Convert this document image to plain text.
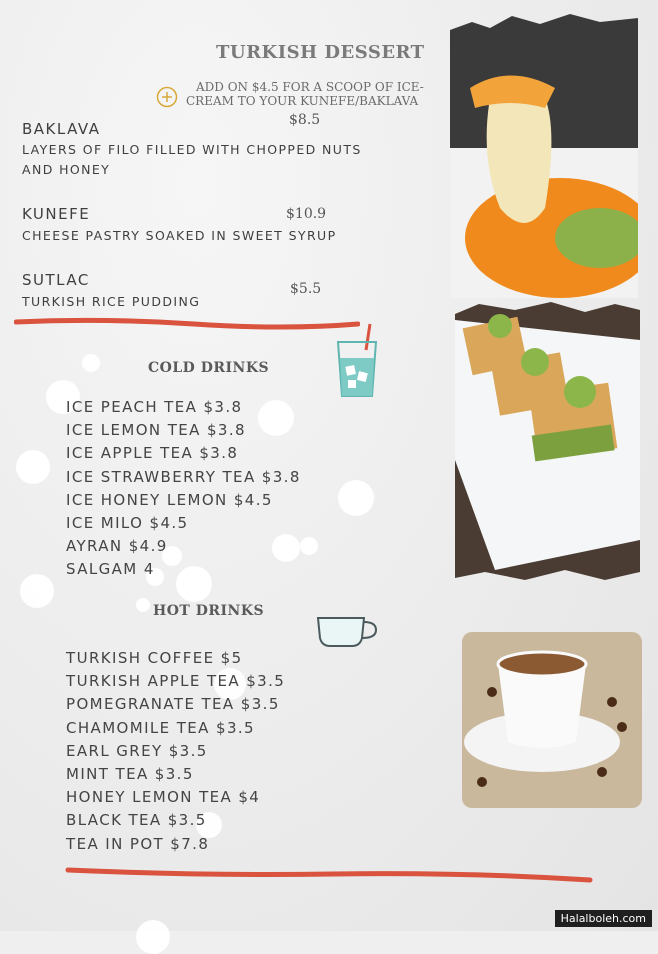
TURKISH DESSERT
ADD ON $4.5 FOR A SCOOP OF ICE-
CREAM TO YOUR KUNEFE/BAKLAVA
BAKLAVA	$8.5
LAYERS OF FILO FILLED WITH CHOPPED NUTS
AND HONEY
KUNEFE	$10.9
CHEESE PASTRY SOAKED IN SWEET SYRUP
SUTLAC	$5.5
TURKISH RICE PUDDING
COLD DRINKS
ICE PEACH TEA $3.8
ICE LEMON TEA $3.8
ICE APPLE TEA $3.8
ICE STRAWBERRY TEA $3.8
ICE HONEY LEMON $4.5
ICE MILO $4.5
AYRAN $4.9
SALGAM 4
HOT DRINKS
TURKISH COFFEE $5
TURKISH APPLE TEA $3.5
POMEGRANATE TEA $3.5
CHAMOMILE TEA $3.5
EARL GREY $3.5
MINT TEA $3.5
HONEY LEMON TEA $4
BLACK TEA $3.5
TEA IN POT $7.8
Halalboleh.com
